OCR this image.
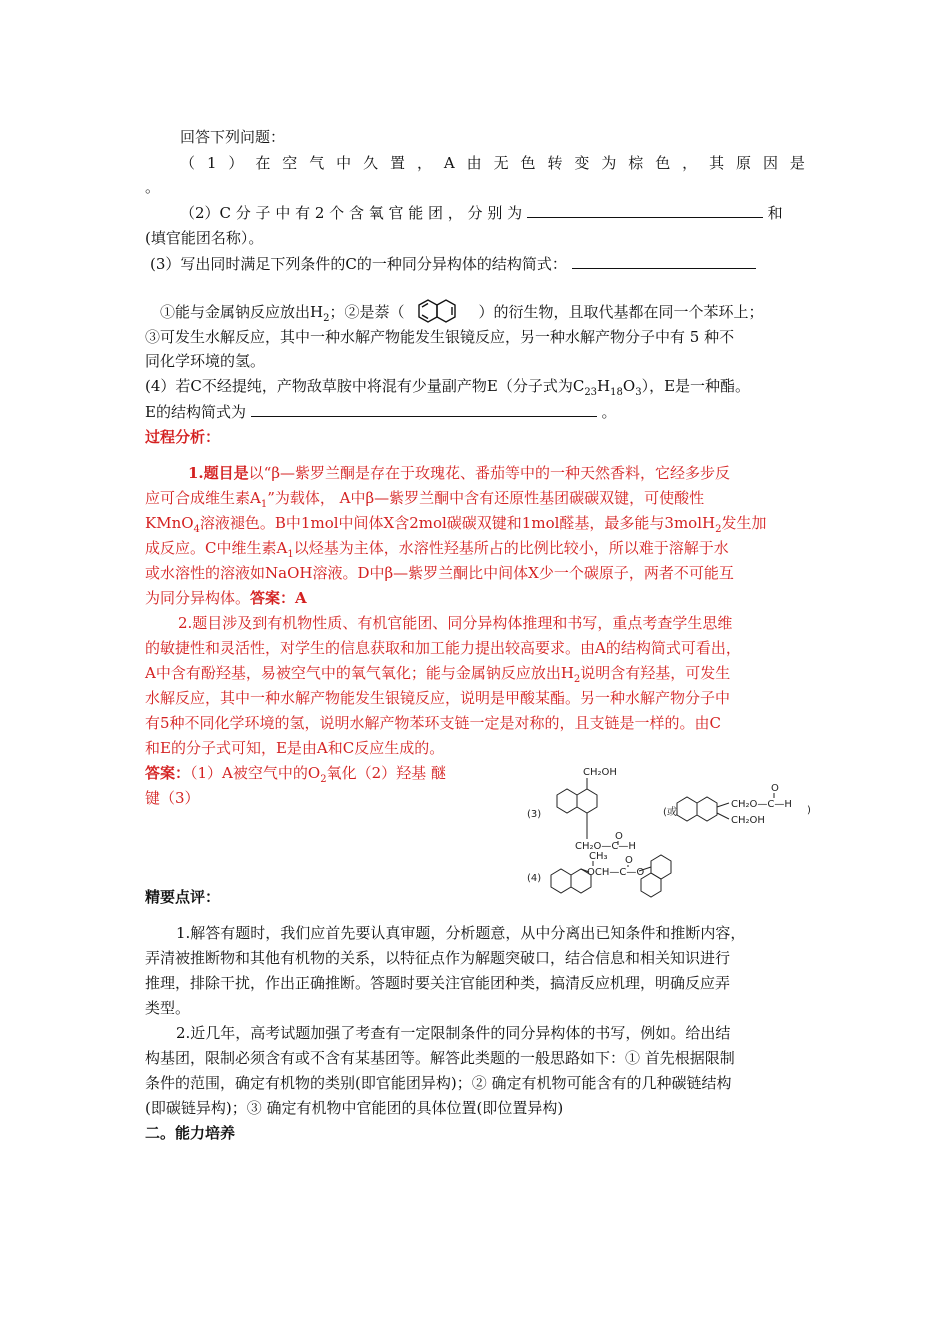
回答下列问题：
（ 1 ） 在 空 气 中 久 置 ， A 由 无 色 转 变 为 棕 色 ， 其 原 因 是
。
（2）C 分 子 中 有 2 个 含 氧 官 能 团 ， 分 别 为	和
(填官能团名称）。
(3）写出同时满足下列条件的C的一种同分异构体的结构简式：
①能与金属钠反应放出$H_2$；②是萘（	）的衍生物，且取代基都在同一个苯环上；
③可发生水解反应，其中一种水解产物能发生银镜反应，另一种水解产物分子中有 5 种不
同化学环境的氢。
(4）若C不经提纯，产物敌草胺中将混有少量副产物E（分子式为$C_{23}H_{18}O_3$），E是一种酯。
E的结构简式为	。
过程分析：
1.题目是以“β—紫罗兰酮是存在于玫瑰花、番茄等中的一种天然香料，它经多步反
应可合成维生素$A_1$”为载体， A中β—紫罗兰酮中含有还原性基团碳碳双键，可使酸性
KMnO$_4$溶液褪色。B中1mol中间体X含2mol碳碳双键和1mol醛基，最多能与3molH$_2$发生加
成反应。C中维生素$A_1$以烃基为主体，水溶性羟基所占的比例比较小，所以难于溶解于水
或水溶性的溶液如NaOH溶液。D中β—紫罗兰酮比中间体X少一个碳原子，两者不可能互
为同分异构体。答案：A
2.题目涉及到有机物性质、有机官能团、同分异构体推理和书写，重点考查学生思维
的敏捷性和灵活性，对学生的信息获取和加工能力提出较高要求。由A的结构简式可看出，
A中含有酚羟基，易被空气中的氧气氧化；能与金属钠反应放出$H_2$说明含有羟基，可发生
水解反应，其中一种水解产物能发生银镜反应，说明是甲酸某酯。另一种水解产物分子中
有5种不同化学环境的氢，说明水解产物苯环支链一定是对称的，且支链是一样的。由C
和E的分子式可知，E是由A和C反应生成的。
答案：（1）A被空气中的$O_2$氧化（2）羟基 醚
键（3）
(3)
(4)
CH₂OH
CH₂O—C—H
O
(或
CH₂O—C—H
O
CH₂OH
)
CH₃
OCH—C—O
O
精要点评：
1.解答有题时，我们应首先要认真审题，分析题意，从中分离出已知条件和推断内容，
弄清被推断物和其他有机物的关系，以特征点作为解题突破口，结合信息和相关知识进行
推理，排除干扰，作出正确推断。答题时要关注官能团种类，搞清反应机理，明确反应弄
类型。
2.近几年，高考试题加强了考查有一定限制条件的同分异构体的书写，例如。给出结
构基团，限制必须含有或不含有某基团等。解答此类题的一般思路如下：① 首先根据限制
条件的范围，确定有机物的类别(即官能团异构)；② 确定有机物可能含有的几种碳链结构
(即碳链异构)；③ 确定有机物中官能团的具体位置(即位置异构)
二。能力培养
